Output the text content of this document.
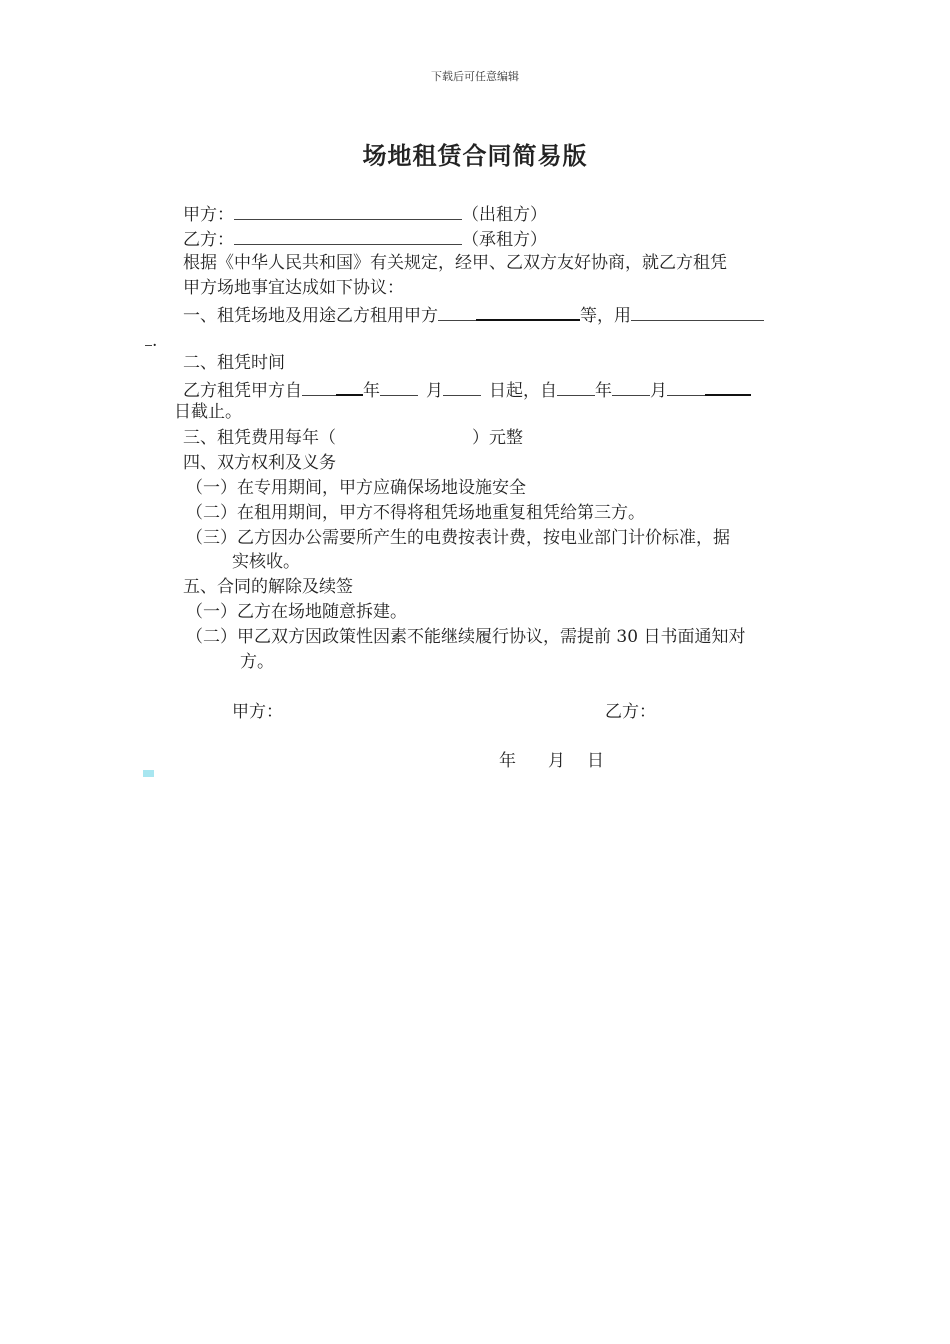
下载后可任意编辑
场地租赁合同简易版
甲方：	（出租方）
乙方：	（承租方）
根据《中华人民共和国》有关规定，经甲、乙双方友好协商，就乙方租凭
甲方场地事宜达成如下协议：
一、租凭场地及用途乙方租用甲方	等，用
.
二、租凭时间
乙方租凭甲方自	年	月	日起，自 年 月
日截止。
三、租凭费用每年（	）元整
四、双方权利及义务
（一）在专用期间，甲方应确保场地设施安全
（二）在租用期间，甲方不得将租凭场地重复租凭给第三方。
（三）乙方因办公需要所产生的电费按表计费，按电业部门计价标准，据
实核收。
五、合同的解除及续签
（一）乙方在场地随意拆建。
（二）甲乙双方因政策性因素不能继续履行协议，需提前 30 日书面通知对
方。
甲方：	乙方：
年 月 日
